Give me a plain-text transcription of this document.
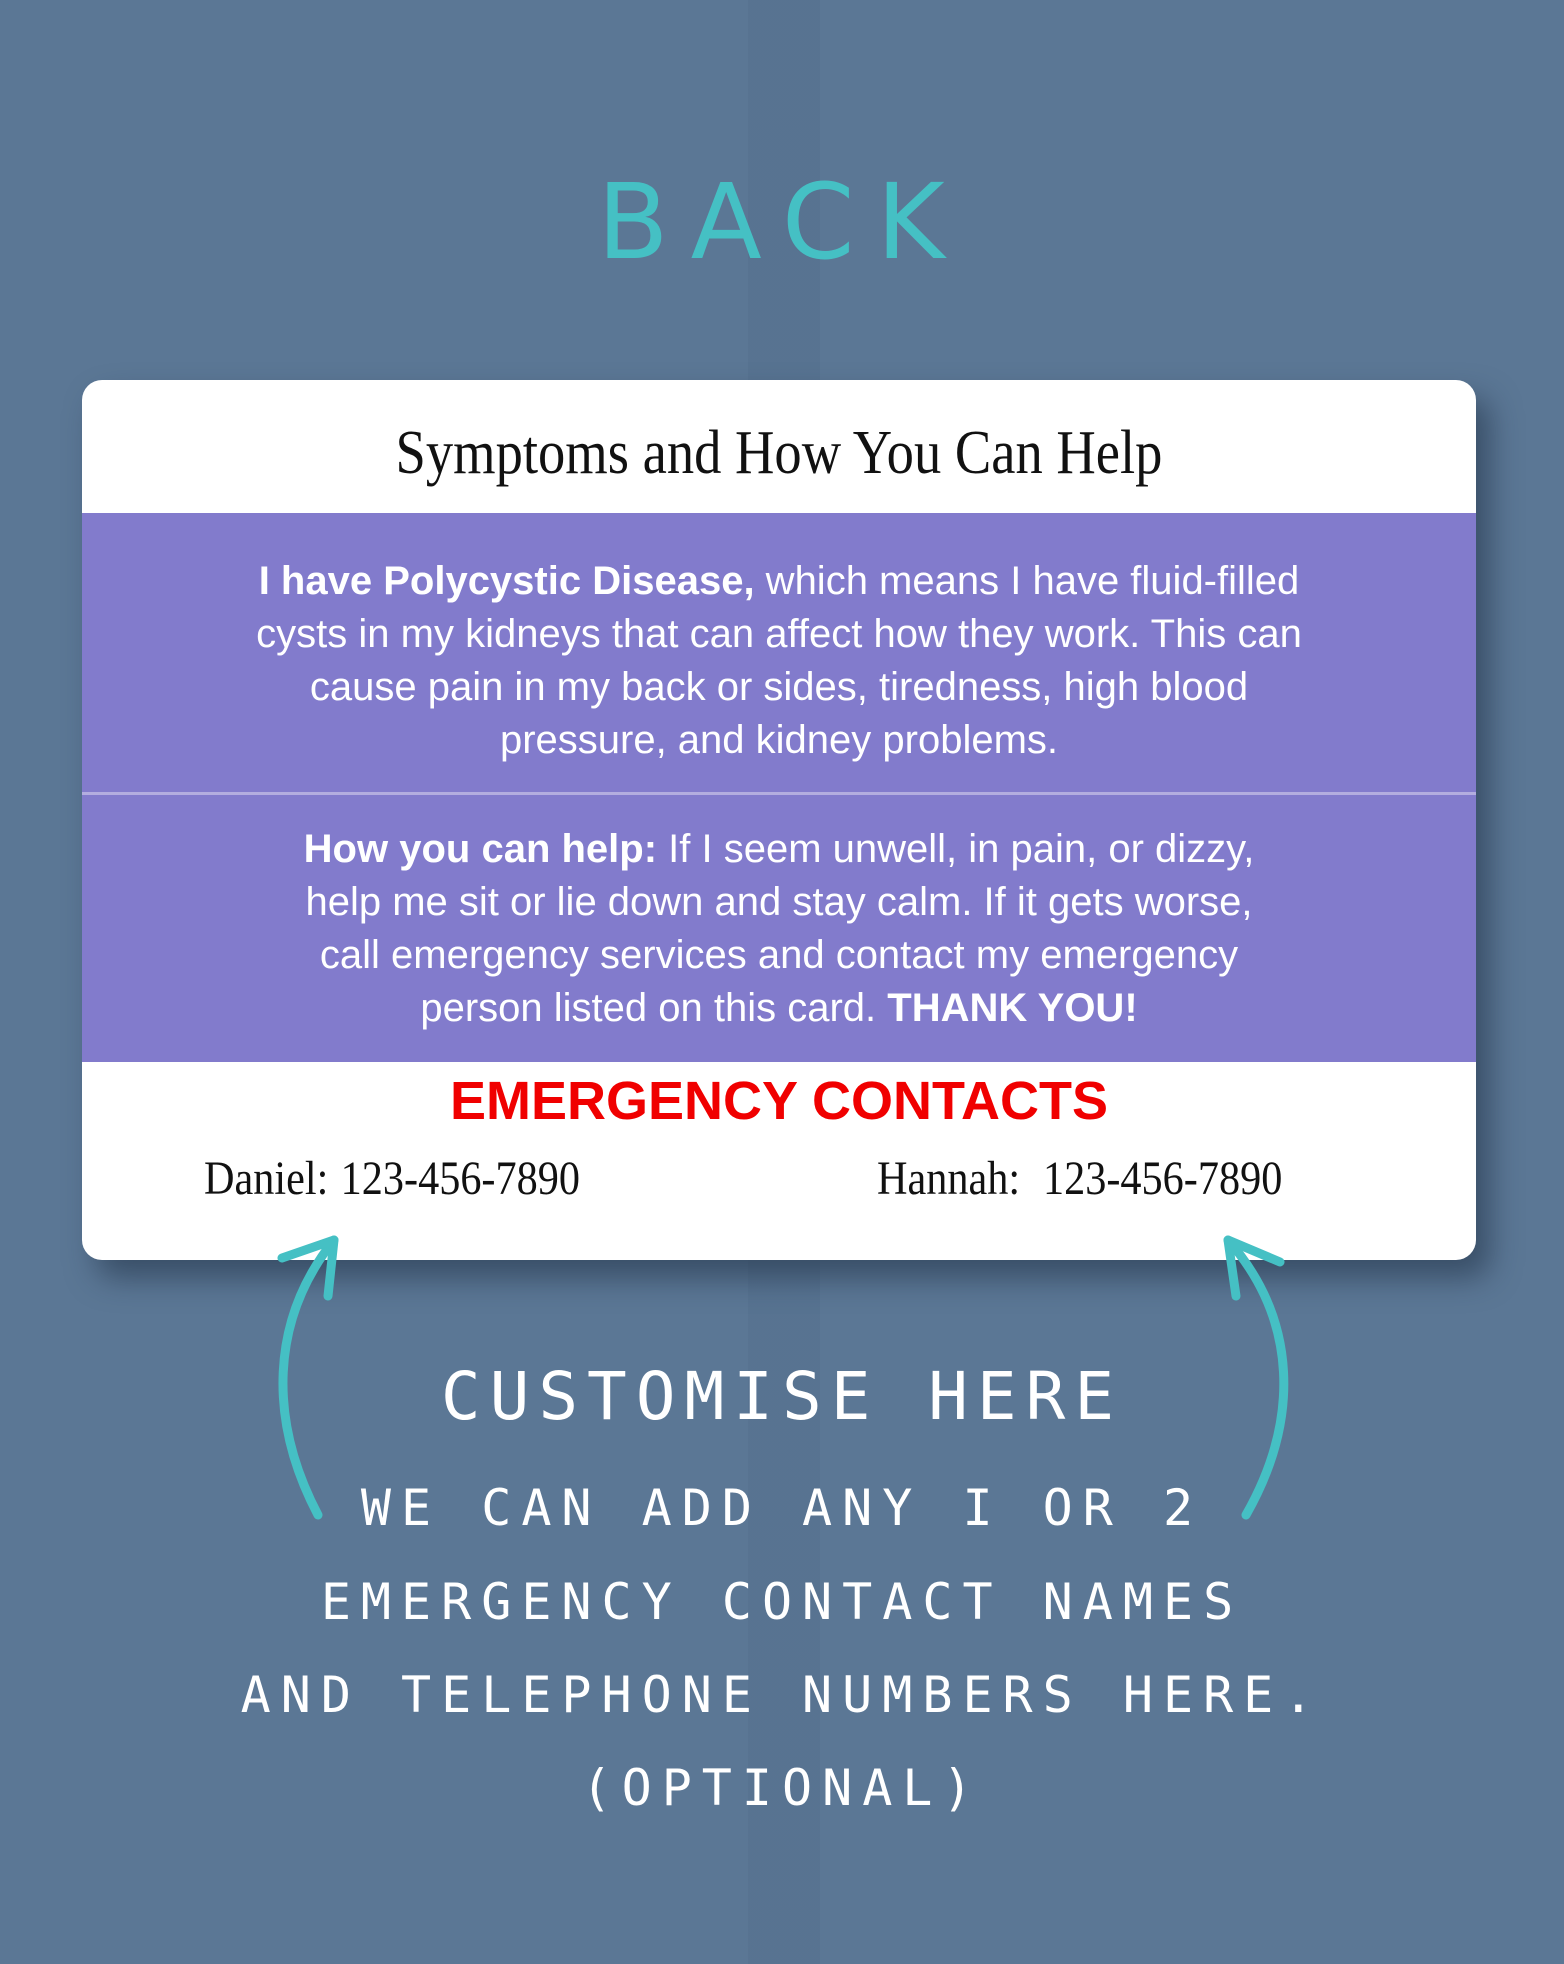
BACK
Symptoms and How You Can Help
I have Polycystic Disease, which means I have fluid-filled
cysts in my kidneys that can affect how they work. This can
cause pain in my back or sides, tiredness, high blood
pressure, and kidney problems.
How you can help: If I seem unwell, in pain, or dizzy,
help me sit or lie down and stay calm. If it gets worse,
call emergency services and contact my emergency
person listed on this card. THANK YOU!
EMERGENCY CONTACTS
Daniel: 123-456-7890	Hannah: 123-456-7890
CUSTOMISE HERE
WE CAN ADD ANY I OR 2
EMERGENCY CONTACT NAMES
AND TELEPHONE NUMBERS HERE.
(OPTIONAL)
